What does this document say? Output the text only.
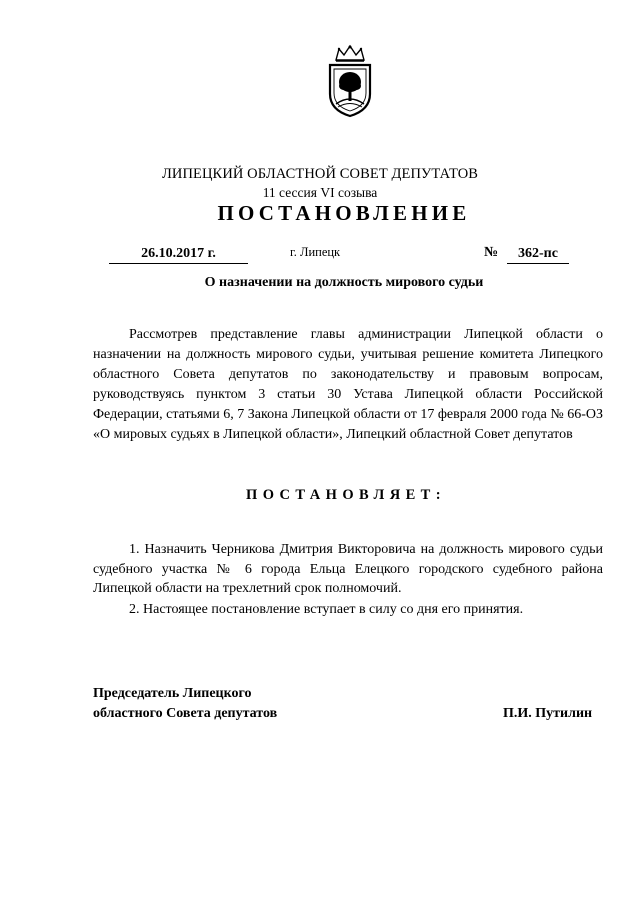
ЛИПЕЦКИЙ ОБЛАСТНОЙ СОВЕТ ДЕПУТАТОВ
11 сессия VI созыва
ПОСТАНОВЛЕНИЕ
26.10.2017 г.	г. Липецк	№	362-пс
О назначении на должность мирового судьи
Рассмотрев представление главы администрации Липецкой области о назначении на должность мирового судьи, учитывая решение комитета Липецкого областного Совета депутатов по законодательству и правовым вопросам, руководствуясь пунктом 3 статьи 30 Устава Липецкой области Российской Федерации, статьями 6, 7 Закона Липецкой области от 17 февраля 2000 года № 66-ОЗ «О мировых судьях в Липецкой области», Липецкий областной Совет депутатов
ПОСТАНОВЛЯЕТ:
1. Назначить Черникова Дмитрия Викторовича на должность мирового судьи судебного участка № 6 города Ельца Елецкого городского судебного района Липецкой области на трехлетний срок полномочий.
2. Настоящее постановление вступает в силу со дня его принятия.
Председатель Липецкого
областного Совета депутатов	П.И. Путилин
